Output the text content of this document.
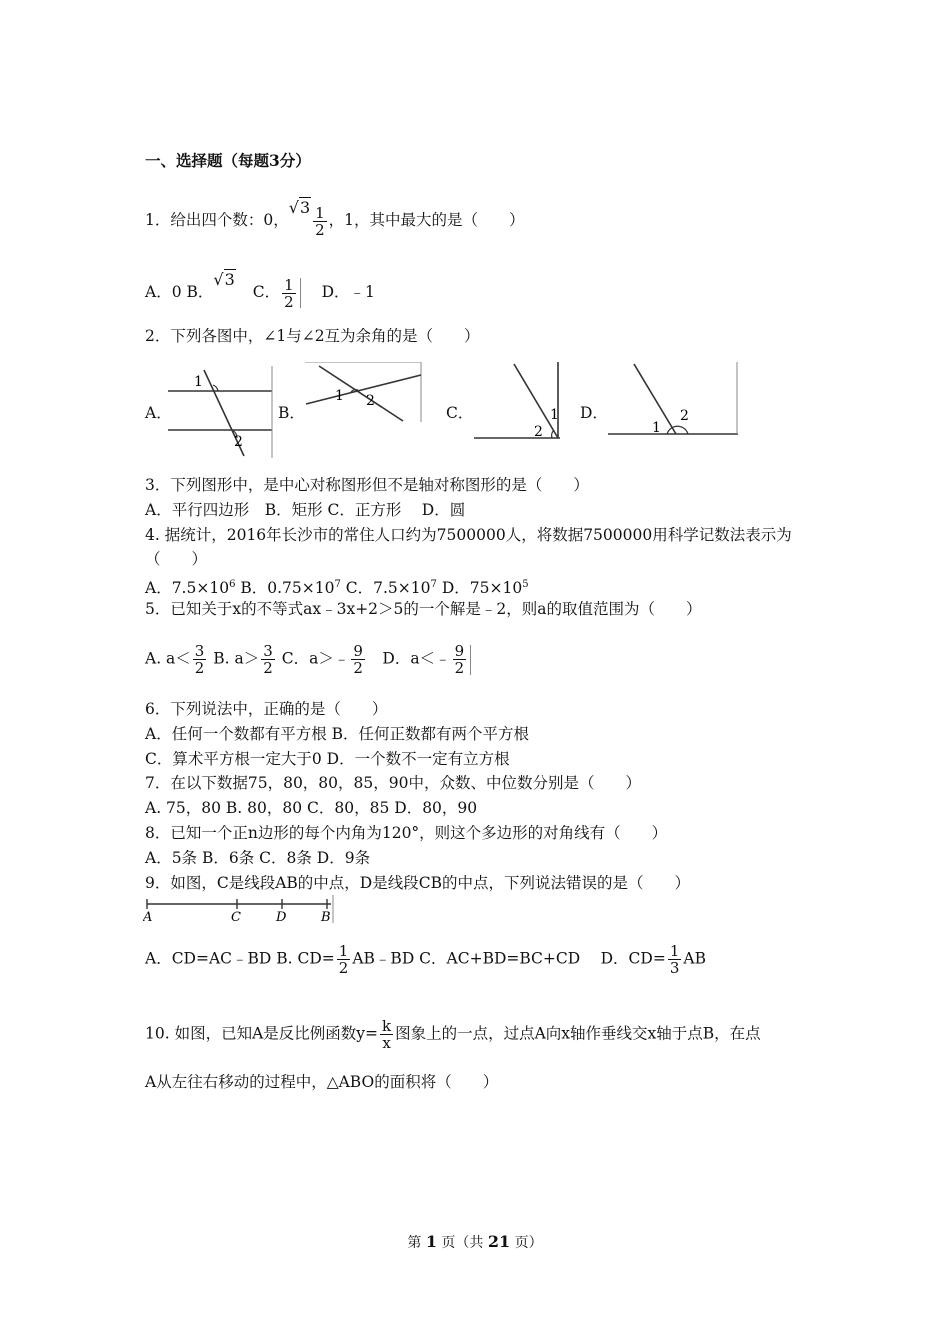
一、选择题（每题3分）
1．给出四个数：0，$√3 \frac{1}{2}$ ，1，其中最大的是（　　）
A．0 B．√3 C． $\frac{1}{2}$ D．﹣1
2．下列各图中，∠1与∠2互为余角的是（　　）
A．
1
2
B．
1 2
C．	1
2
D．
1
2
3．下列图形中，是中心对称图形但不是轴对称图形的是（　　）
A．平行四边形　B．矩形 C．正方形　 D．圆
4. 据统计，2016年长沙市的常住人口约为7500000人，将数据7500000用科学记数法表示为
（　　）
A．$7.5\times 10^6$ B．$0.75\times 10^7$ C．$7.5\times 10^7$ D．$75\times 10^5$
5．已知关于x的不等式ax﹣3x+2＞5的一个解是﹣2，则a的取值范围为（　　）
A. $a< \frac{3}{2} B$. $a> \frac{3}{2}$ C．a＞﹣ $\frac{9}{2}$ 　D．a＜﹣ $\frac{9}{2}$
6．下列说法中，正确的是（　　）
A．任何一个数都有平方根 B．任何正数都有两个平方根
C．算术平方根一定大于0 D．一个数不一定有立方根
7．在以下数据75，80，80，85，90中，众数、中位数分别是（　　）
A. 75，80 B. 80，80 C．80，85 D．80，90
8．已知一个正n边形的每个内角为120°，则这个多边形的对角线有（　　）
A．5条 B．6条 C．8条 D．9条
9．如图，C是线段AB的中点，D是线段CB的中点，下列说法错误的是（　　）
A	C	D	B
A．CD=AC﹣BD B. $CD= \frac{1}{2}$ AB﹣BD C．AC+BD=BC+CD　 D．$CD= \frac{1}{3}$ AB
10. 如图，已知A是反比例函数$y= \frac{k}{x}$ 图象上的一点，过点A向x轴作垂线交x轴于点B，在点
A从左往右移动的过程中，△ABO的面积将（　　）
第 1 页（共 21 页）
